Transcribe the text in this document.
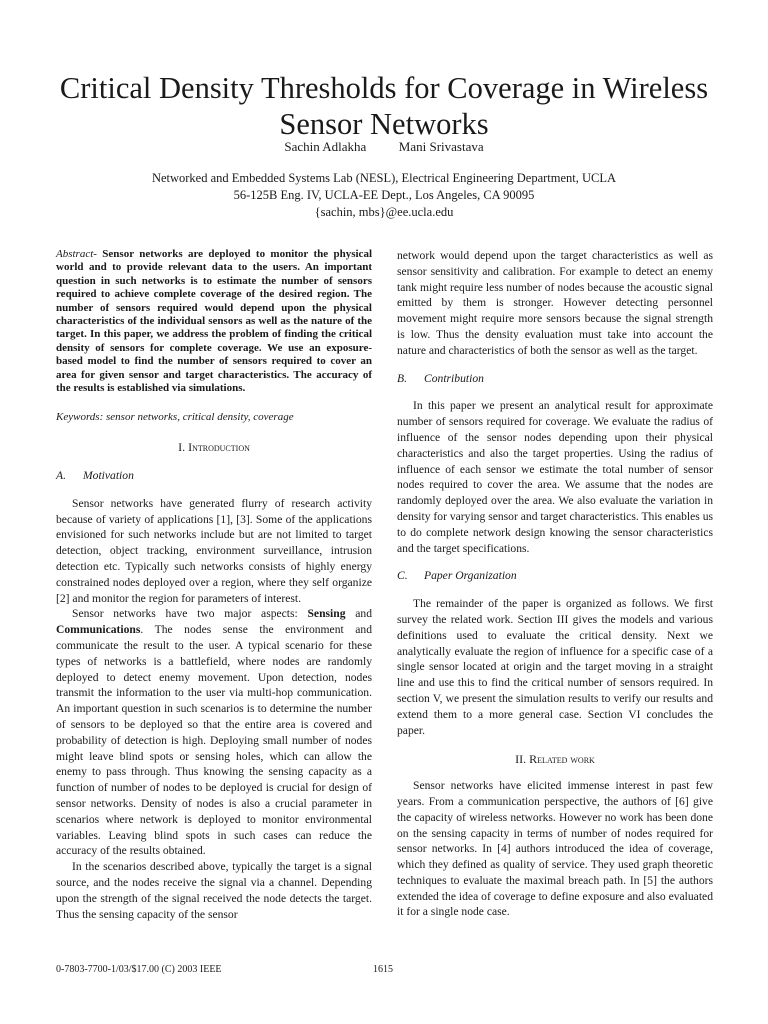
Critical Density Thresholds for Coverage in Wireless Sensor Networks
Sachin Adlakha          Mani Srivastava
Networked and Embedded Systems Lab (NESL), Electrical Engineering Department, UCLA
56-125B Eng. IV, UCLA-EE Dept., Los Angeles, CA 90095
{sachin, mbs}@ee.ucla.edu

Abstract- Sensor networks are deployed to monitor the physical world and to provide relevant data to the users. An important question in such networks is to estimate the number of sensors required to achieve complete coverage of the desired region. The number of sensors required would depend upon the physical characteristics of the individual sensors as well as the nature of the target. In this paper, we address the problem of finding the critical density of sensors for complete coverage. We use an exposure-based model to find the number of sensors required to cover an area for given sensor and target characteristics. The accuracy of the results is established via simulations.

Keywords: sensor networks, critical density, coverage

I. Introduction

A. Motivation

Sensor networks have generated flurry of research activity because of variety of applications [1], [3]. Some of the applications envisioned for such networks include but are not limited to target detection, object tracking, environment surveillance, intrusion detection etc. Typically such networks consists of highly energy constrained nodes deployed over a region, where they self organize [2] and monitor the region for parameters of interest.

Sensor networks have two major aspects: Sensing and Communications. The nodes sense the environment and communicate the result to the user. A typical scenario for these types of networks is a battlefield, where nodes are randomly deployed to detect enemy movement. Upon detection, nodes transmit the information to the user via multi-hop communication. An important question in such scenarios is to determine the number of sensors to be deployed so that the entire area is covered and probability of detection is high. Deploying small number of nodes might leave blind spots or sensing holes, which can allow the enemy to pass through. Thus knowing the sensing capacity as a function of number of nodes to be deployed is crucial for design of sensor networks. Density of nodes is also a crucial parameter in scenarios where network is deployed to monitor environmental variables. Leaving blind spots in such cases can reduce the accuracy of the results obtained.

In the scenarios described above, typically the target is a signal source, and the nodes receive the signal via a channel. Depending upon the strength of the signal received the node detects the target. Thus the sensing capacity of the sensor

network would depend upon the target characteristics as well as sensor sensitivity and calibration. For example to detect an enemy tank might require less number of nodes because the acoustic signal emitted by them is stronger. However detecting personnel movement might require more sensors because the signal strength is low. Thus the density evaluation must take into account the nature and characteristics of both the sensor as well as the target.

B. Contribution

In this paper we present an analytical result for approximate number of sensors required for coverage. We evaluate the radius of influence of the sensor nodes depending upon their physical characteristics and also the target properties. Using the radius of influence of each sensor we estimate the total number of sensor nodes required to cover the area. We assume that the nodes are randomly deployed over the area. We also evaluate the variation in density for varying sensor and target characteristics. This enables us to do complete network design knowing the sensor characteristics and the target specifications.

C. Paper Organization

The remainder of the paper is organized as follows. We first survey the related work. Section III gives the models and various definitions used to evaluate the critical density. Next we analytically evaluate the region of influence for a specific case of a single sensor located at origin and the target moving in a straight line and use this to find the critical number of sensors required. In section V, we present the simulation results to verify our results and extend them to a more general case. Section VI concludes the paper.

II. Related work

Sensor networks have elicited immense interest in past few years. From a communication perspective, the authors of [6] give the capacity of wireless networks. However no work has been done on the sensing capacity in terms of number of nodes required for sensor networks. In [4] authors introduced the idea of coverage, which they defined as quality of service. They used graph theoretic techniques to evaluate the maximal breach path. In [5] the authors extended the idea of coverage to define exposure and also evaluated it for a single node case.

0-7803-7700-1/03/$17.00 (C) 2003 IEEE	1615
